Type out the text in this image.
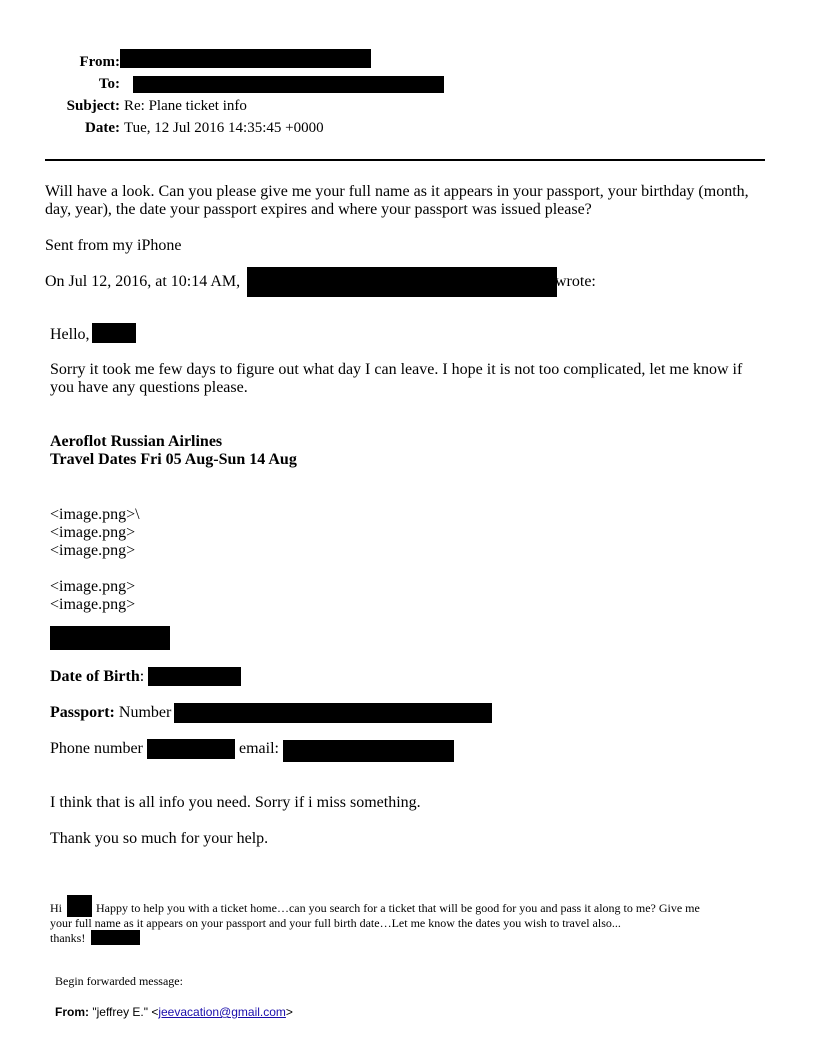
From:
To:
Subject: Re: Plane ticket info
Date: Tue, 12 Jul 2016 14:35:45 +0000
Will have a look. Can you please give me your full name as it appears in your passport, your birthday (month,
day, year), the date your passport expires and where your passport was issued please?
Sent from my iPhone
On Jul 12, 2016, at 10:14 AM,	wrote:
Hello,
Sorry it took me few days to figure out what day I can leave. I hope it is not too complicated, let me know if
you have any questions please.
Aeroflot Russian Airlines
Travel Dates Fri 05 Aug-Sun 14 Aug
<image.png>\
<image.png>
<image.png>
<image.png>
<image.png>
Date of Birth:
Passport: Number
Phone number	email:
I think that is all info you need. Sorry if i miss something.
Thank you so much for your help.
Hi	Happy to help you with a ticket home…can you search for a ticket that will be good for you and pass it along to me? Give me
your full name as it appears on your passport and your full birth date…Let me know the dates you wish to travel also...
thanks!
Begin forwarded message:
From: "jeffrey E." <jeevacation@gmail.com>
